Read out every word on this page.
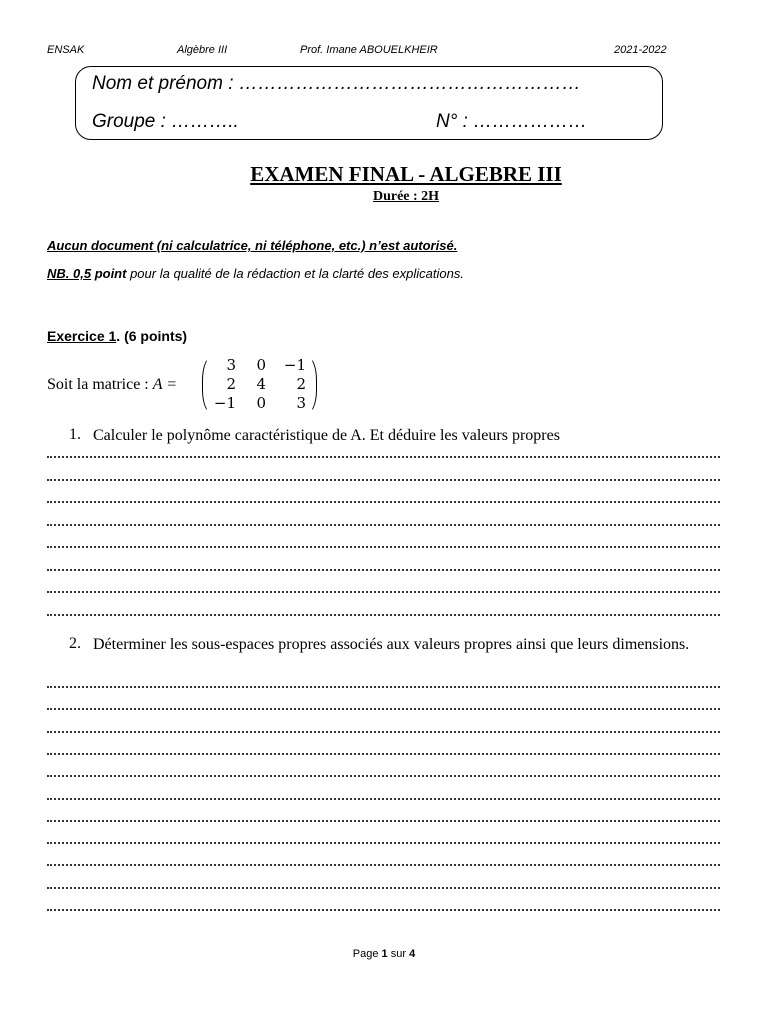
ENSAK	Algèbre III	Prof. Imane ABOUELKHEIR	2021-2022
Nom et prénom : ………………………………………………
Groupe : ………..	N° : ………………
EXAMEN FINAL - ALGEBRE III
Durée : 2H
Aucun document (ni calculatrice, ni téléphone, etc.) n’est autorisé.
NB. 0,5 point pour la qualité de la rédaction et la clarté des explications.
Exercice 1. (6 points)
Soit la matrice : A =
3	0	−1
2	4	2
−1	0	3
1. Calculer le polynôme caractéristique de A. Et déduire les valeurs propres
2. Déterminer les sous-espaces propres associés aux valeurs propres ainsi que leurs dimensions.
Page 1 sur 4
